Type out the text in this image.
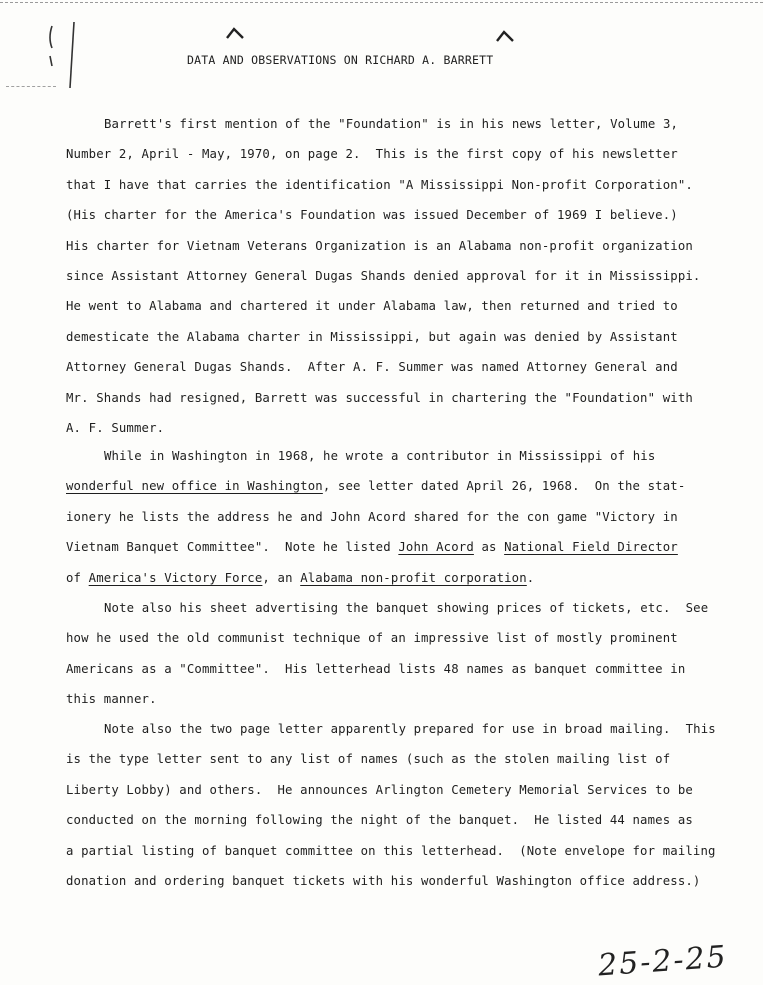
DATA AND OBSERVATIONS ON RICHARD A. BARRETT
Barrett's first mention of the "Foundation" is in his news letter, Volume 3,
Number 2, April - May, 1970, on page 2.  This is the first copy of his newsletter
that I have that carries the identification "A Mississippi Non-profit Corporation".
(His charter for the America's Foundation was issued December of 1969 I believe.)
His charter for Vietnam Veterans Organization is an Alabama non-profit organization
since Assistant Attorney General Dugas Shands denied approval for it in Mississippi.
He went to Alabama and chartered it under Alabama law, then returned and tried to
demesticate the Alabama charter in Mississippi, but again was denied by Assistant
Attorney General Dugas Shands.  After A. F. Summer was named Attorney General and
Mr. Shands had resigned, Barrett was successful in chartering the "Foundation" with
A. F. Summer.
While in Washington in 1968, he wrote a contributor in Mississippi of his
wonderful new office in Washington, see letter dated April 26, 1968.  On the stat-
ionery he lists the address he and John Acord shared for the con game "Victory in
Vietnam Banquet Committee".  Note he listed John Acord as National Field Director
of America's Victory Force, an Alabama non-profit corporation.
Note also his sheet advertising the banquet showing prices of tickets, etc.  See
how he used the old communist technique of an impressive list of mostly prominent
Americans as a "Committee".  His letterhead lists 48 names as banquet committee in
this manner.
Note also the two page letter apparently prepared for use in broad mailing.  This
is the type letter sent to any list of names (such as the stolen mailing list of
Liberty Lobby) and others.  He announces Arlington Cemetery Memorial Services to be
conducted on the morning following the night of the banquet.  He listed 44 names as
a partial listing of banquet committee on this letterhead.  (Note envelope for mailing
donation and ordering banquet tickets with his wonderful Washington office address.)
25-2-25
